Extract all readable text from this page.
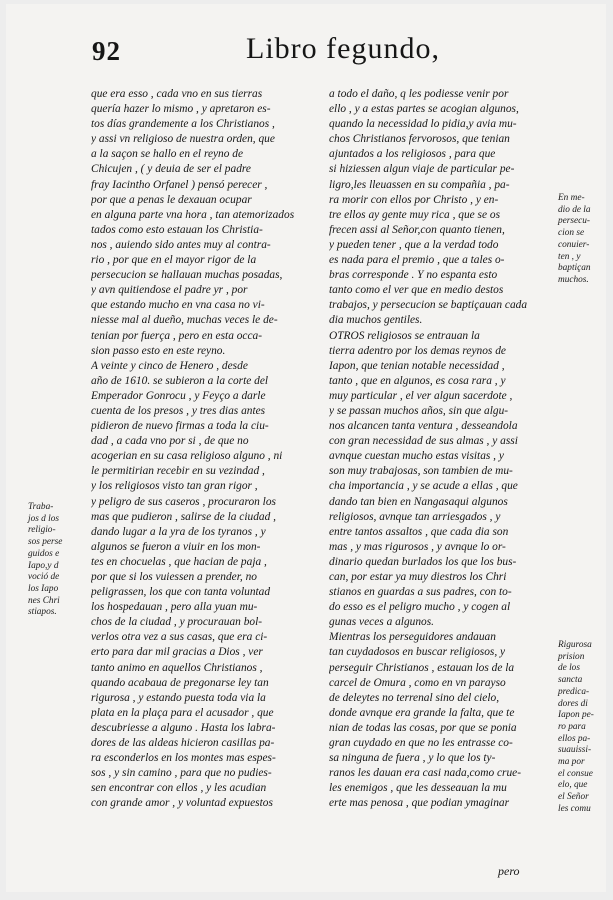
92	Libro fegundo,
que era esso , cada vno en sus tierras
quería hazer lo mismo , y apretaron es-
tos días grandemente a los Christianos ,
y assi vn religioso de nuestra orden, que
a la saçon se hallo en el reyno de
Chicujen , ( y deuia de ser el padre
fray Iacintho Orfanel ) pensó perecer ,
por que a penas le dexauan ocupar
en alguna parte vna hora , tan atemorizados
tados como esto estauan los Christia-
nos , auiendo sido antes muy al contra-
rio , por que en el mayor rigor de la
persecucion se hallauan muchas posadas,
y avn quitiendose el padre yr , por
que estando mucho en vna casa no vi-
niesse mal al dueño, muchas veces le de-
tenian por fuerça , pero en esta occa-
sion passo esto en este reyno.
A veinte y cinco de Henero , desde
año de 1610. se subieron a la corte del
Emperador Gonrocu , y Feyço a darle
cuenta de los presos , y tres dias antes
pidieron de nuevo firmas a toda la ciu-
dad , a cada vno por si , de que no
acogerian en su casa religioso alguno , ni
le permitirian recebir en su vezindad ,
y los religiosos visto tan gran rigor ,
y peligro de sus caseros , procuraron los
mas que pudieron , salirse de la ciudad ,
dando lugar a la yra de los tyranos , y
algunos se fueron a viuir en los mon-
tes en chocuelas , que hacian de paja ,
por que si los vuiessen a prender, no
peligrassen, los que con tanta voluntad
los hospedauan , pero alla yuan mu-
chos de la ciudad , y procurauan bol-
verlos otra vez a sus casas, que era ci-
erto para dar mil gracias a Dios , ver
tanto animo en aquellos Christianos ,
quando acabaua de pregonarse ley tan
rigurosa , y estando puesta toda via la
plata en la plaça para el acusador , que
descubriesse a alguno . Hasta los labra-
dores de las aldeas hicieron casillas pa-
ra esconderlos en los montes mas espes-
sos , y sin camino , para que no pudies-
sen encontrar con ellos , y les acudian
con grande amor , y voluntad expuestos
a todo el daño, q les podiesse venir por
ello , y a estas partes se acogian algunos,
quando la necessidad lo pidia,y avia mu-
chos Christianos fervorosos, que tenian
ajuntados a los religiosos , para que
si hiziessen algun viaje de particular pe-
ligro,les lleuassen en su compañia , pa-
ra morir con ellos por Christo , y en-
tre ellos ay gente muy rica , que se os
frecen assi al Señor,con quanto tienen,
y pueden tener , que a la verdad todo
es nada para el premio , que a tales o-
bras corresponde . Y no espanta esto
tanto como el ver que en medio destos
trabajos, y persecucion se baptiçauan cada
dia muchos gentiles.
OTROS religiosos se entrauan la
tierra adentro por los demas reynos de
Iapon, que tenian notable necessidad ,
tanto , que en algunos, es cosa rara , y
muy particular , el ver algun sacerdote ,
y se passan muchos años, sin que algu-
nos alcancen tanta ventura , desseandola
con gran necessidad de sus almas , y assi
avnque cuestan mucho estas visitas , y
son muy trabajosas, son tambien de mu-
cha importancia , y se acude a ellas , que
dando tan bien en Nangasaqui algunos
religiosos, avnque tan arriesgados , y
entre tantos assaltos , que cada dia son
mas , y mas rigurosos , y avnque lo or-
dinario quedan burlados los que los bus-
can, por estar ya muy diestros los Chri
stianos en guardas a sus padres, con to-
do esso es el peligro mucho , y cogen al
gunas veces a algunos.
Mientras los perseguidores andauan
tan cuydadosos en buscar religiosos, y
perseguir Christianos , estauan los de la
carcel de Omura , como en vn parayso
de deleytes no terrenal sino del cielo,
donde avnque era grande la falta, que te
nian de todas las cosas, por que se ponia
gran cuydado en que no les entrasse co-
sa ninguna de fuera , y lo que los ty-
ranos les dauan era casi nada,como crue-
les enemigos , que les desseauan la mu
erte mas penosa , que podian ymaginar
Traba-
jos d los
religio-
sos perse
guidos e
Iapo,y d
voció de
los Iapo
nes Chri
stiapos.
En me-
dio de la
persecu-
cion se
conuier-
ten , y
baptiçan
muchos.
Rigurosa
prision
de los
sancta
predica-
dores di
Iapon pe-
ro para
ellos pa-
suauissi-
ma por
el consue
elo, que
el Señor
les comu
pero
